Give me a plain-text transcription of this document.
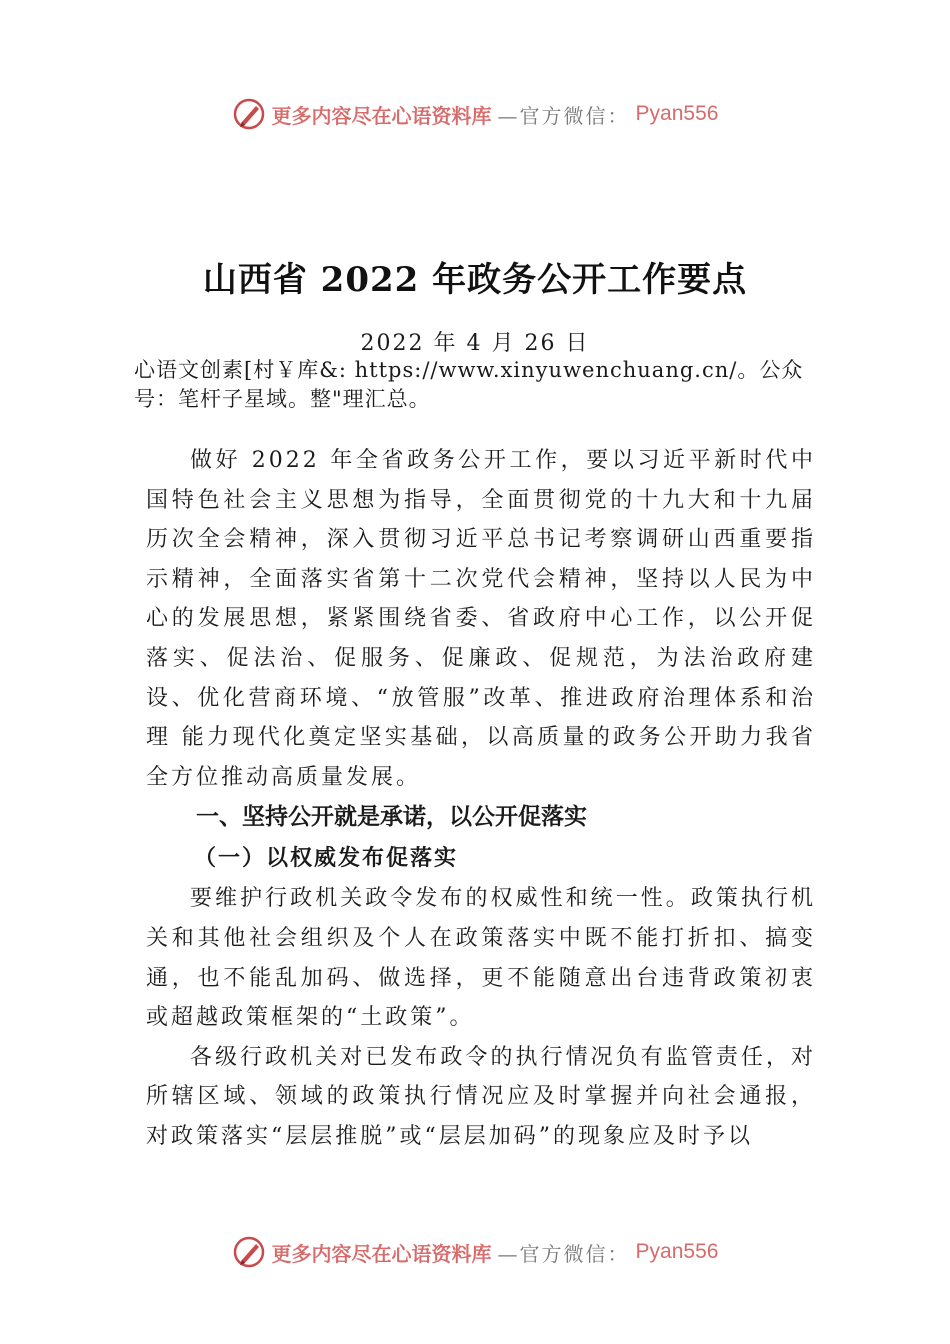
更多内容尽在心语资料库 —官方微信： Pyan556
山西省 2022 年政务公开工作要点
2022 年 4 月 26 日
心语文创素[村￥库&: https://www.xinyuwenchuang.cn/。公众号：笔杆子星域。整"理汇总。

做好 2022 年全省政务公开工作，要以习近平新时代中国特色社会主义思想为指导，全面贯彻党的十九大和十九届历次全会精神，深入贯彻习近平总书记考察调研山西重要指示精神，全面落实省第十二次党代会精神，坚持以人民为中心的发展思想，紧紧围绕省委、省政府中心工作，以公开促落实、促法治、促服务、促廉政、促规范，为法治政府建设、优化营商环境、“放管服”改革、推进政府治理体系和治理 能力现代化奠定坚实基础，以高质量的政务公开助力我省全方位推动高质量发展。

一、坚持公开就是承诺，以公开促落实

（一）以权威发布促落实

要维护行政机关政令发布的权威性和统一性。政策执行机关和其他社会组织及个人在政策落实中既不能打折扣、搞变通，也不能乱加码、做选择，更不能随意出台违背政策初衷或超越政策框架的“土政策”。

各级行政机关对已发布政令的执行情况负有监管责任，对所辖区域、领域的政策执行情况应及时掌握并向社会通报，对政策落实“层层推脱”或“层层加码”的现象应及时予以

更多内容尽在心语资料库 —官方微信： Pyan556
